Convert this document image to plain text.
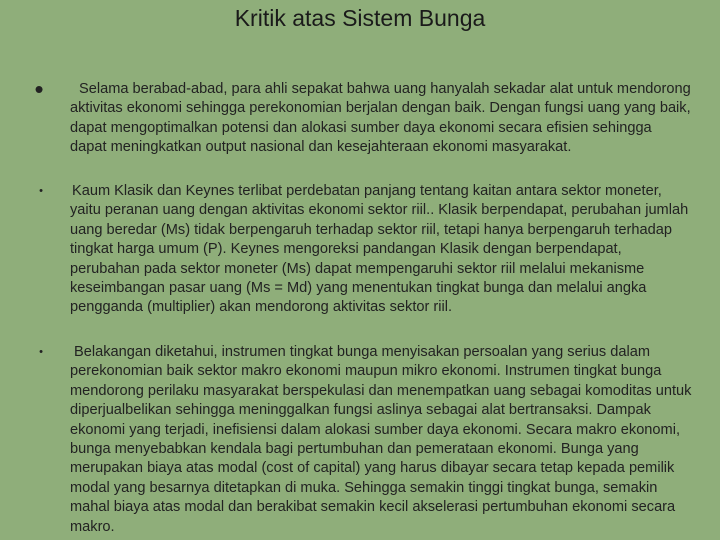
Kritik atas Sistem Bunga
•	Selama berabad-abad, para ahli sepakat bahwa uang hanyalah sekadar alat untuk mendorong aktivitas ekonomi sehingga perekonomian berjalan dengan baik. Dengan fungsi uang yang baik, dapat mengoptimalkan potensi dan alokasi sumber daya ekonomi secara efisien sehingga dapat meningkatkan output nasional dan kesejahteraan ekonomi masyarakat.
• Kaum Klasik dan Keynes terlibat perdebatan panjang tentang kaitan antara sektor moneter, yaitu peranan uang dengan aktivitas ekonomi sektor riil.. Klasik berpendapat, perubahan jumlah uang beredar (Ms) tidak berpengaruh terhadap sektor riil, tetapi hanya berpengaruh terhadap tingkat harga umum (P). Keynes mengoreksi pandangan Klasik dengan berpendapat, perubahan pada sektor moneter (Ms) dapat mempengaruhi sektor riil melalui mekanisme keseimbangan pasar uang (Ms = Md) yang menentukan tingkat bunga dan melalui angka pengganda (multiplier) akan mendorong aktivitas sektor riil.
• Belakangan diketahui, instrumen tingkat bunga menyisakan persoalan yang serius dalam perekonomian baik sektor makro ekonomi maupun mikro ekonomi. Instrumen tingkat bunga mendorong perilaku masyarakat berspekulasi dan menempatkan uang sebagai komoditas untuk diperjualbelikan sehingga meninggalkan fungsi aslinya sebagai alat bertransaksi. Dampak ekonomi yang terjadi, inefisiensi dalam alokasi sumber daya ekonomi. Secara makro ekonomi, bunga menyebabkan kendala bagi pertumbuhan dan pemerataan ekonomi. Bunga yang merupakan biaya atas modal (cost of capital) yang harus dibayar secara tetap kepada pemilik modal yang besarnya ditetapkan di muka. Sehingga semakin tinggi tingkat bunga, semakin mahal biaya atas modal dan berakibat semakin kecil akselerasi pertumbuhan ekonomi secara makro.
